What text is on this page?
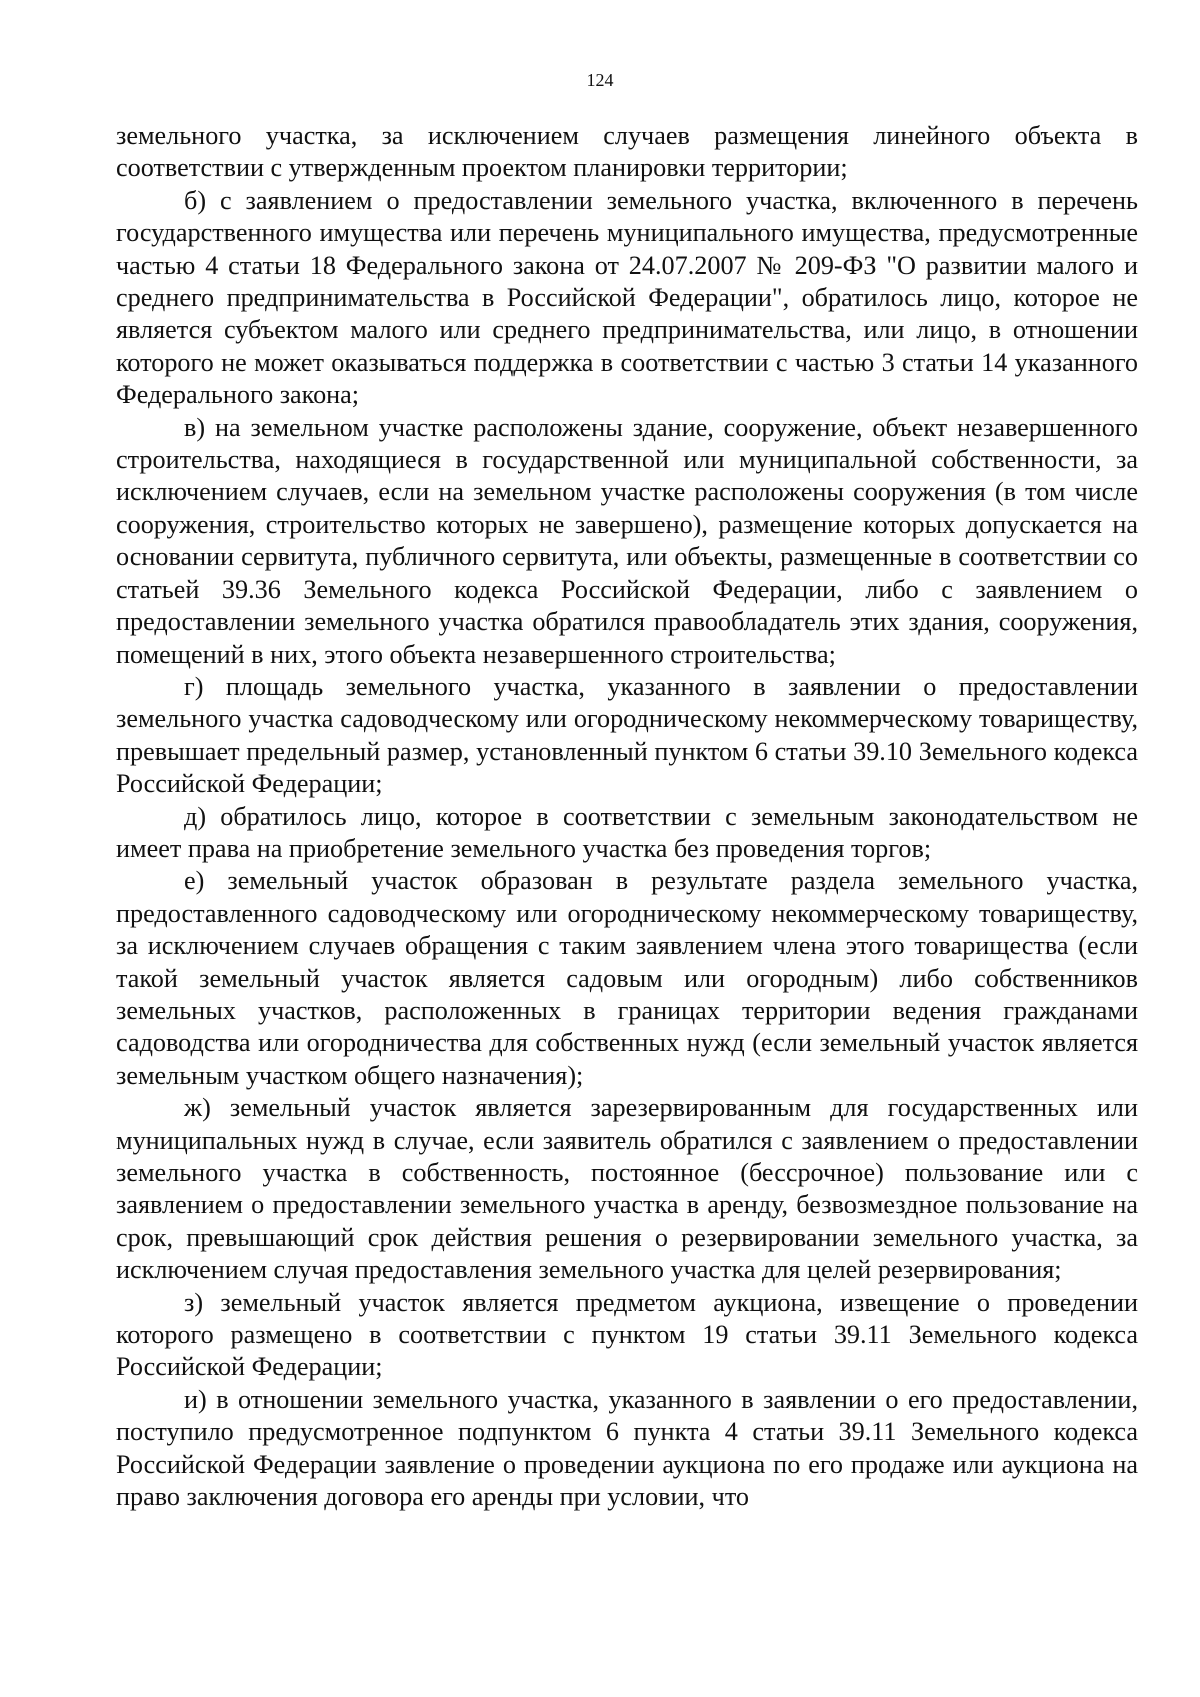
124

земельного участка, за исключением случаев размещения линейного объекта в соответствии с утвержденным проектом планировки территории;

б) с заявлением о предоставлении земельного участка, включенного в перечень государственного имущества или перечень муниципального имущества, предусмотренные частью 4 статьи 18 Федерального закона от 24.07.2007 № 209-ФЗ "О развитии малого и среднего предпринимательства в Российской Федерации", обратилось лицо, которое не является субъектом малого или среднего предпринимательства, или лицо, в отношении которого не может оказываться поддержка в соответствии с частью 3 статьи 14 указанного Федерального закона;

в) на земельном участке расположены здание, сооружение, объект незавершенного строительства, находящиеся в государственной или муниципальной собственности, за исключением случаев, если на земельном участке расположены сооружения (в том числе сооружения, строительство которых не завершено), размещение которых допускается на основании сервитута, публичного сервитута, или объекты, размещенные в соответствии со статьей 39.36 Земельного кодекса Российской Федерации, либо с заявлением о предоставлении земельного участка обратился правообладатель этих здания, сооружения, помещений в них, этого объекта незавершенного строительства;

г) площадь земельного участка, указанного в заявлении о предоставлении земельного участка садоводческому или огородническому некоммерческому товариществу, превышает предельный размер, установленный пунктом 6 статьи 39.10 Земельного кодекса Российской Федерации;

д) обратилось лицо, которое в соответствии с земельным законодательством не имеет права на приобретение земельного участка без проведения торгов;

е) земельный участок образован в результате раздела земельного участка, предоставленного садоводческому или огородническому некоммерческому товариществу, за исключением случаев обращения с таким заявлением члена этого товарищества (если такой земельный участок является садовым или огородным) либо собственников земельных участков, расположенных в границах территории ведения гражданами садоводства или огородничества для собственных нужд (если земельный участок является земельным участком общего назначения);

ж) земельный участок является зарезервированным для государственных или муниципальных нужд в случае, если заявитель обратился с заявлением о предоставлении земельного участка в собственность, постоянное (бессрочное) пользование или с заявлением о предоставлении земельного участка в аренду, безвозмездное пользование на срок, превышающий срок действия решения о резервировании земельного участка, за исключением случая предоставления земельного участка для целей резервирования;

з) земельный участок является предметом аукциона, извещение о проведении которого размещено в соответствии с пунктом 19 статьи 39.11 Земельного кодекса Российской Федерации;

и) в отношении земельного участка, указанного в заявлении о его предоставлении, поступило предусмотренное подпунктом 6 пункта 4 статьи 39.11 Земельного кодекса Российской Федерации заявление о проведении аукциона по его продаже или аукциона на право заключения договора его аренды при условии, что
